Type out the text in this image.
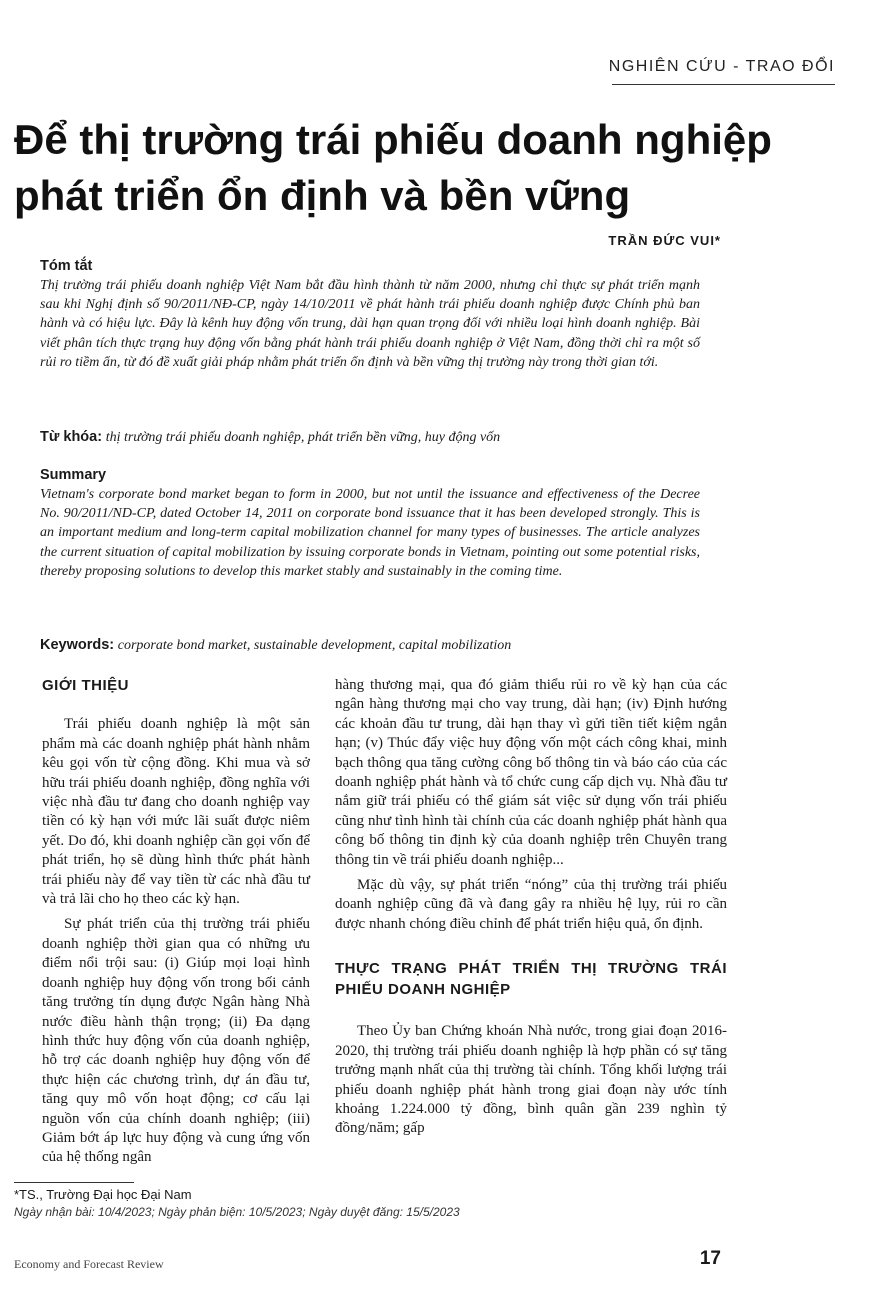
NGHIÊN CỨU - TRAO ĐỔI
Để thị trường trái phiếu doanh nghiệp phát triển ổn định và bền vững
TRẦN ĐỨC VUI*
Tóm tắt

Thị trường trái phiếu doanh nghiệp Việt Nam bắt đầu hình thành từ năm 2000, nhưng chỉ thực sự phát triển mạnh sau khi Nghị định số 90/2011/NĐ-CP, ngày 14/10/2011 về phát hành trái phiếu doanh nghiệp được Chính phủ ban hành và có hiệu lực. Đây là kênh huy động vốn trung, dài hạn quan trọng đối với nhiều loại hình doanh nghiệp. Bài viết phân tích thực trạng huy động vốn bằng phát hành trái phiếu doanh nghiệp ở Việt Nam, đồng thời chỉ ra một số rủi ro tiềm ẩn, từ đó đề xuất giải pháp nhằm phát triển ổn định và bền vững thị trường này trong thời gian tới.

Từ khóa: thị trường trái phiếu doanh nghiệp, phát triển bền vững, huy động vốn
Summary

Vietnam's corporate bond market began to form in 2000, but not until the issuance and effectiveness of the Decree No. 90/2011/ND-CP, dated October 14, 2011 on corporate bond issuance that it has been developed strongly. This is an important medium and long-term capital mobilization channel for many types of businesses. The article analyzes the current situation of capital mobilization by issuing corporate bonds in Vietnam, pointing out some potential risks, thereby proposing solutions to develop this market stably and sustainably in the coming time.

Keywords: corporate bond market, sustainable development, capital mobilization
GIỚI THIỆU

Trái phiếu doanh nghiệp là một sản phẩm mà các doanh nghiệp phát hành nhằm kêu gọi vốn từ cộng đồng. Khi mua và sở hữu trái phiếu doanh nghiệp, đồng nghĩa với việc nhà đầu tư đang cho doanh nghiệp vay tiền có kỳ hạn với mức lãi suất được niêm yết. Do đó, khi doanh nghiệp cần gọi vốn để phát triển, họ sẽ dùng hình thức phát hành trái phiếu này để vay tiền từ các nhà đầu tư và trả lãi cho họ theo các kỳ hạn.

Sự phát triển của thị trường trái phiếu doanh nghiệp thời gian qua có những ưu điểm nổi trội sau: (i) Giúp mọi loại hình doanh nghiệp huy động vốn trong bối cảnh tăng trưởng tín dụng được Ngân hàng Nhà nước điều hành thận trọng; (ii) Đa dạng hình thức huy động vốn của doanh nghiệp, hỗ trợ các doanh nghiệp huy động vốn để thực hiện các chương trình, dự án đầu tư, tăng quy mô vốn hoạt động; cơ cấu lại nguồn vốn của chính doanh nghiệp; (iii) Giảm bớt áp lực huy động và cung ứng vốn của hệ thống ngân

hàng thương mại, qua đó giảm thiểu rủi ro về kỳ hạn của các ngân hàng thương mại cho vay trung, dài hạn; (iv) Định hướng các khoản đầu tư trung, dài hạn thay vì gửi tiền tiết kiệm ngắn hạn; (v) Thúc đẩy việc huy động vốn một cách công khai, minh bạch thông qua tăng cường công bố thông tin và báo cáo của các doanh nghiệp phát hành và tổ chức cung cấp dịch vụ. Nhà đầu tư nắm giữ trái phiếu có thể giám sát việc sử dụng vốn trái phiếu cũng như tình hình tài chính của các doanh nghiệp phát hành qua công bố thông tin định kỳ của doanh nghiệp trên Chuyên trang thông tin về trái phiếu doanh nghiệp...

Mặc dù vậy, sự phát triển “nóng” của thị trường trái phiếu doanh nghiệp cũng đã và đang gây ra nhiều hệ lụy, rủi ro cần được nhanh chóng điều chỉnh để phát triển hiệu quả, ổn định.

THỰC TRẠNG PHÁT TRIỂN THỊ TRƯỜNG TRÁI PHIẾU DOANH NGHIỆP

Theo Ủy ban Chứng khoán Nhà nước, trong giai đoạn 2016-2020, thị trường trái phiếu doanh nghiệp là hợp phần có sự tăng trưởng mạnh nhất của thị trường tài chính. Tổng khối lượng trái phiếu doanh nghiệp phát hành trong giai đoạn này ước tính khoảng 1.224.000 tỷ đồng, bình quân gần 239 nghìn tỷ đồng/năm; gấp

*TS., Trường Đại học Đại Nam
Ngày nhận bài: 10/4/2023; Ngày phản biện: 10/5/2023; Ngày duyệt đăng: 15/5/2023
Economy and Forecast Review	17
